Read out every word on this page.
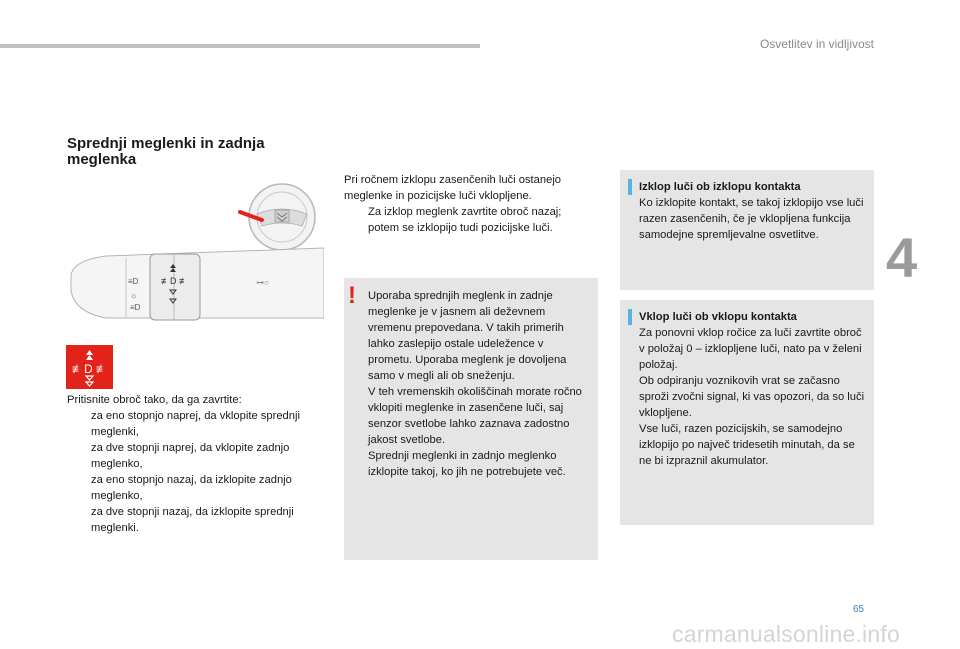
Osvetlitev in vidljivost
4
Sprednji meglenki in zadnja meglenka
≢D ≢
≡D
☼
≡D
⊶○
≢D ≢
Pritisnite obroč tako, da ga zavrtite:
za eno stopnjo naprej, da vklopite sprednji meglenki,
za dve stopnji naprej, da vklopite zadnjo meglenko,
za eno stopnjo nazaj, da izklopite zadnjo meglenko,
za dve stopnji nazaj, da izklopite sprednji meglenki.
Pri ročnem izklopu zasenčenih luči ostanejo meglenke in pozicijske luči vklopljene.
Za izklop meglenk zavrtite obroč nazaj; potem se izklopijo tudi pozicijske luči.
! Uporaba sprednjih meglenk in zadnje meglenke je v jasnem ali deževnem vremenu prepovedana. V takih primerih lahko zaslepijo ostale udeležence v prometu. Uporaba meglenk je dovoljena samo v megli ali ob sneženju.
V teh vremenskih okoliščinah morate ročno vklopiti meglenke in zasenčene luči, saj senzor svetlobe lahko zaznava zadostno jakost svetlobe.
Sprednji meglenki in zadnjo meglenko izklopite takoj, ko jih ne potrebujete več.
Izklop luči ob izklopu kontakta
Ko izklopite kontakt, se takoj izklopijo vse luči razen zasenčenih, če je vklopljena funkcija samodejne spremljevalne osvetlitve.
Vklop luči ob vklopu kontakta
Za ponovni vklop ročice za luči zavrtite obroč v položaj 0 – izklopljene luči, nato pa v želeni položaj.
Ob odpiranju voznikovih vrat se začasno sproži zvočni signal, ki vas opozori, da so luči vklopljene.
Vse luči, razen pozicijskih, se samodejno izklopijo po največ tridesetih minutah, da se ne bi izpraznil akumulator.
65
carmanualsonline.info
